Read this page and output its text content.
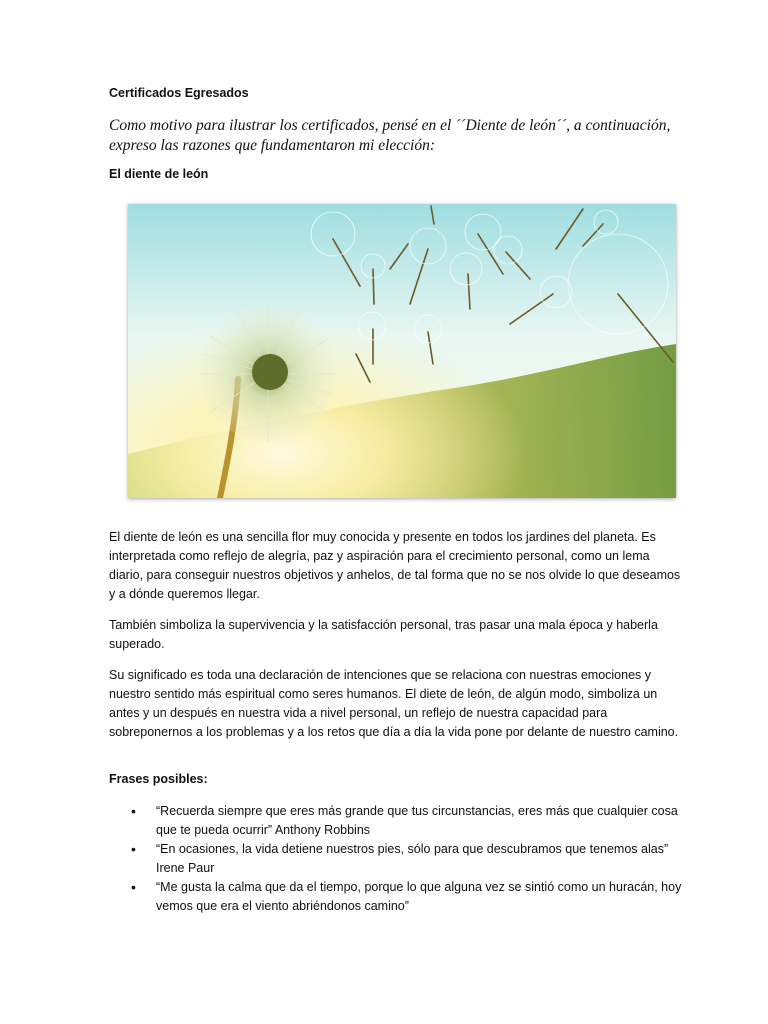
Certificados Egresados
Como motivo para ilustrar los certificados, pensé en el ´´Diente de león´´, a continuación, expreso las razones que fundamentaron mi elección:
El diente de león

El diente de león es una sencilla flor muy conocida y presente en todos los jardines del planeta. Es interpretada como reflejo de alegría, paz y aspiración para el crecimiento personal, como un lema diario, para conseguir nuestros objetivos y anhelos, de tal forma que no se nos olvide lo que deseamos y a dónde queremos llegar.

También simboliza la supervivencia y la satisfacción personal, tras pasar una mala época y haberla superado.

Su significado es toda una declaración de intenciones que se relaciona con nuestras emociones y nuestro sentido más espiritual como seres humanos. El diete de león, de algún modo, simboliza un antes y un después en nuestra vida a nivel personal, un reflejo de nuestra capacidad para sobreponernos a los problemas y a los retos que día a día la vida pone por delante de nuestro camino.

Frases posibles:
• “Recuerda siempre que eres más grande que tus circunstancias, eres más que cualquier cosa que te pueda ocurrir” Anthony Robbins
• “En ocasiones, la vida detiene nuestros pies, sólo para que descubramos que tenemos alas” Irene Paur
• “Me gusta la calma que da el tiempo, porque lo que alguna vez se sintió como un huracán, hoy vemos que era el viento abriéndonos camino”
